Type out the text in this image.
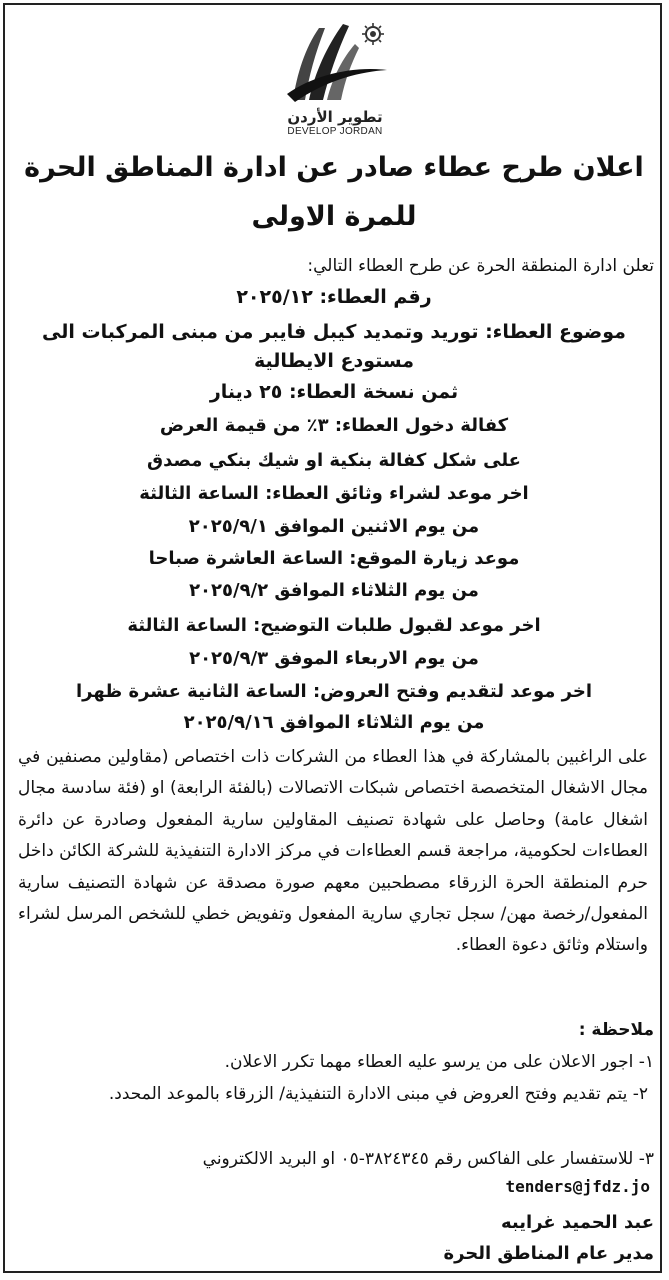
تطوير الأردن
DEVELOP JORDAN
اعلان طرح عطاء صادر عن ادارة المناطق الحرة
للمرة الاولى
تعلن ادارة المنطقة الحرة عن طرح العطاء التالي:
رقم العطاء: ٢٠٢٥/١٢
موضوع العطاء: توريد وتمديد كيبل فايبر من مبنى المركبات الى
مستودع الايطالية
ثمن نسخة العطاء: ٢٥ دينار
كفالة دخول العطاء: ٣٪ من قيمة العرض
على شكل كفالة بنكية او شيك بنكي مصدق
اخر موعد لشراء وثائق العطاء: الساعة الثالثة
من يوم الاثنين الموافق ٢٠٢٥/٩/١
موعد زيارة الموقع: الساعة العاشرة صباحا
من يوم الثلاثاء الموافق ٢٠٢٥/٩/٢
اخر موعد لقبول طلبات التوضيح: الساعة الثالثة
من يوم الاربعاء الموفق ٢٠٢٥/٩/٣
اخر موعد لتقديم وفتح العروض: الساعة الثانية عشرة ظهرا
من يوم الثلاثاء الموافق ٢٠٢٥/٩/١٦
على الراغبين بالمشاركة في هذا العطاء من الشركات ذات اختصاص (مقاولين مصنفين في مجال الاشغال المتخصصة اختصاص شبكات الاتصالات (بالفئة الرابعة) او (فئة سادسة مجال اشغال عامة) وحاصل على شهادة تصنيف المقاولين سارية المفعول وصادرة عن دائرة العطاءات لحكومية، مراجعة قسم العطاءات في مركز الادارة التنفيذية للشركة الكائن داخل حرم المنطقة الحرة الزرقاء مصطحبين معهم صورة مصدقة عن شهادة التصنيف سارية المفعول/رخصة مهن/ سجل تجاري سارية المفعول وتفويض خطي للشخص المرسل لشراء واستلام وثائق دعوة العطاء.
ملاحظة :
١- اجور الاعلان على من يرسو عليه العطاء مهما تكرر الاعلان.
٢- يتم تقديم وفتح العروض في مبنى الادارة التنفيذية/ الزرقاء بالموعد المحدد.
٣- للاستفسار على الفاكس رقم ٣٨٢٤٣٤٥-٠٥ او البريد الالكتروني
tenders@jfdz.jo
عبد الحميد غرايبه
مدير عام المناطق الحرة
